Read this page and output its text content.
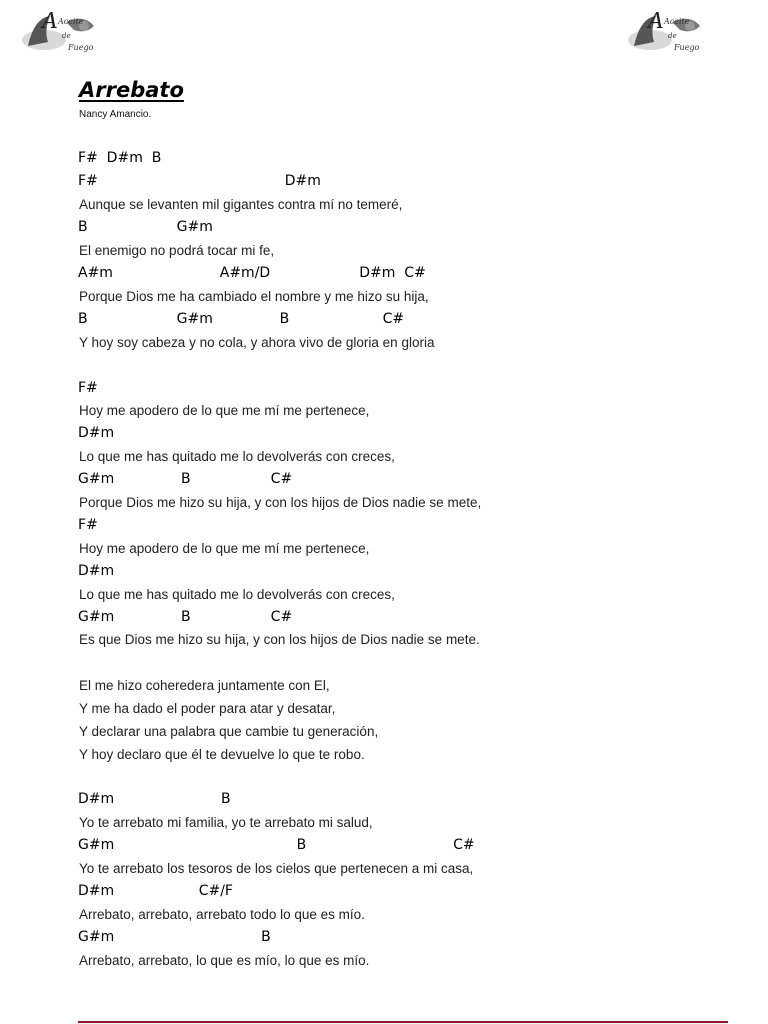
A Aceite
de
Fuego
A Aceite
de
Fuego
Arrebato
Nancy Amancio.
F#  D#m  B
F#                                          D#m
Aunque se levanten mil gigantes contra mí no temeré,
B                    G#m
El enemigo no podrá tocar mi fe,
A#m                        A#m/D                    D#m  C#
Porque Dios me ha cambiado el nombre y me hizo su hija,
B                    G#m               B                     C#
Y hoy soy cabeza y no cola, y ahora vivo de gloria en gloria
F#
Hoy me apodero de lo que me mí me pertenece,
D#m
Lo que me has quitado me lo devolverás con creces,
G#m               B                  C#
Porque Dios me hizo su hija, y con los hijos de Dios nadie se mete,
F#
Hoy me apodero de lo que me mí me pertenece,
D#m
Lo que me has quitado me lo devolverás con creces,
G#m               B                  C#
Es que Dios me hizo su hija, y con los hijos de Dios nadie se mete.
El me hizo coheredera juntamente con El,
Y me ha dado el poder para atar y desatar,
Y declarar una palabra que cambie tu generación,
Y hoy declaro que él te devuelve lo que te robo.
D#m                        B
Yo te arrebato mi familia, yo te arrebato mi salud,
G#m                                         B                                 C#
Yo te arrebato los tesoros de los cielos que pertenecen a mi casa,
D#m                   C#/F
Arrebato, arrebato, arrebato todo lo que es mío.
G#m                                 B
Arrebato, arrebato, lo que es mío, lo que es mío.
